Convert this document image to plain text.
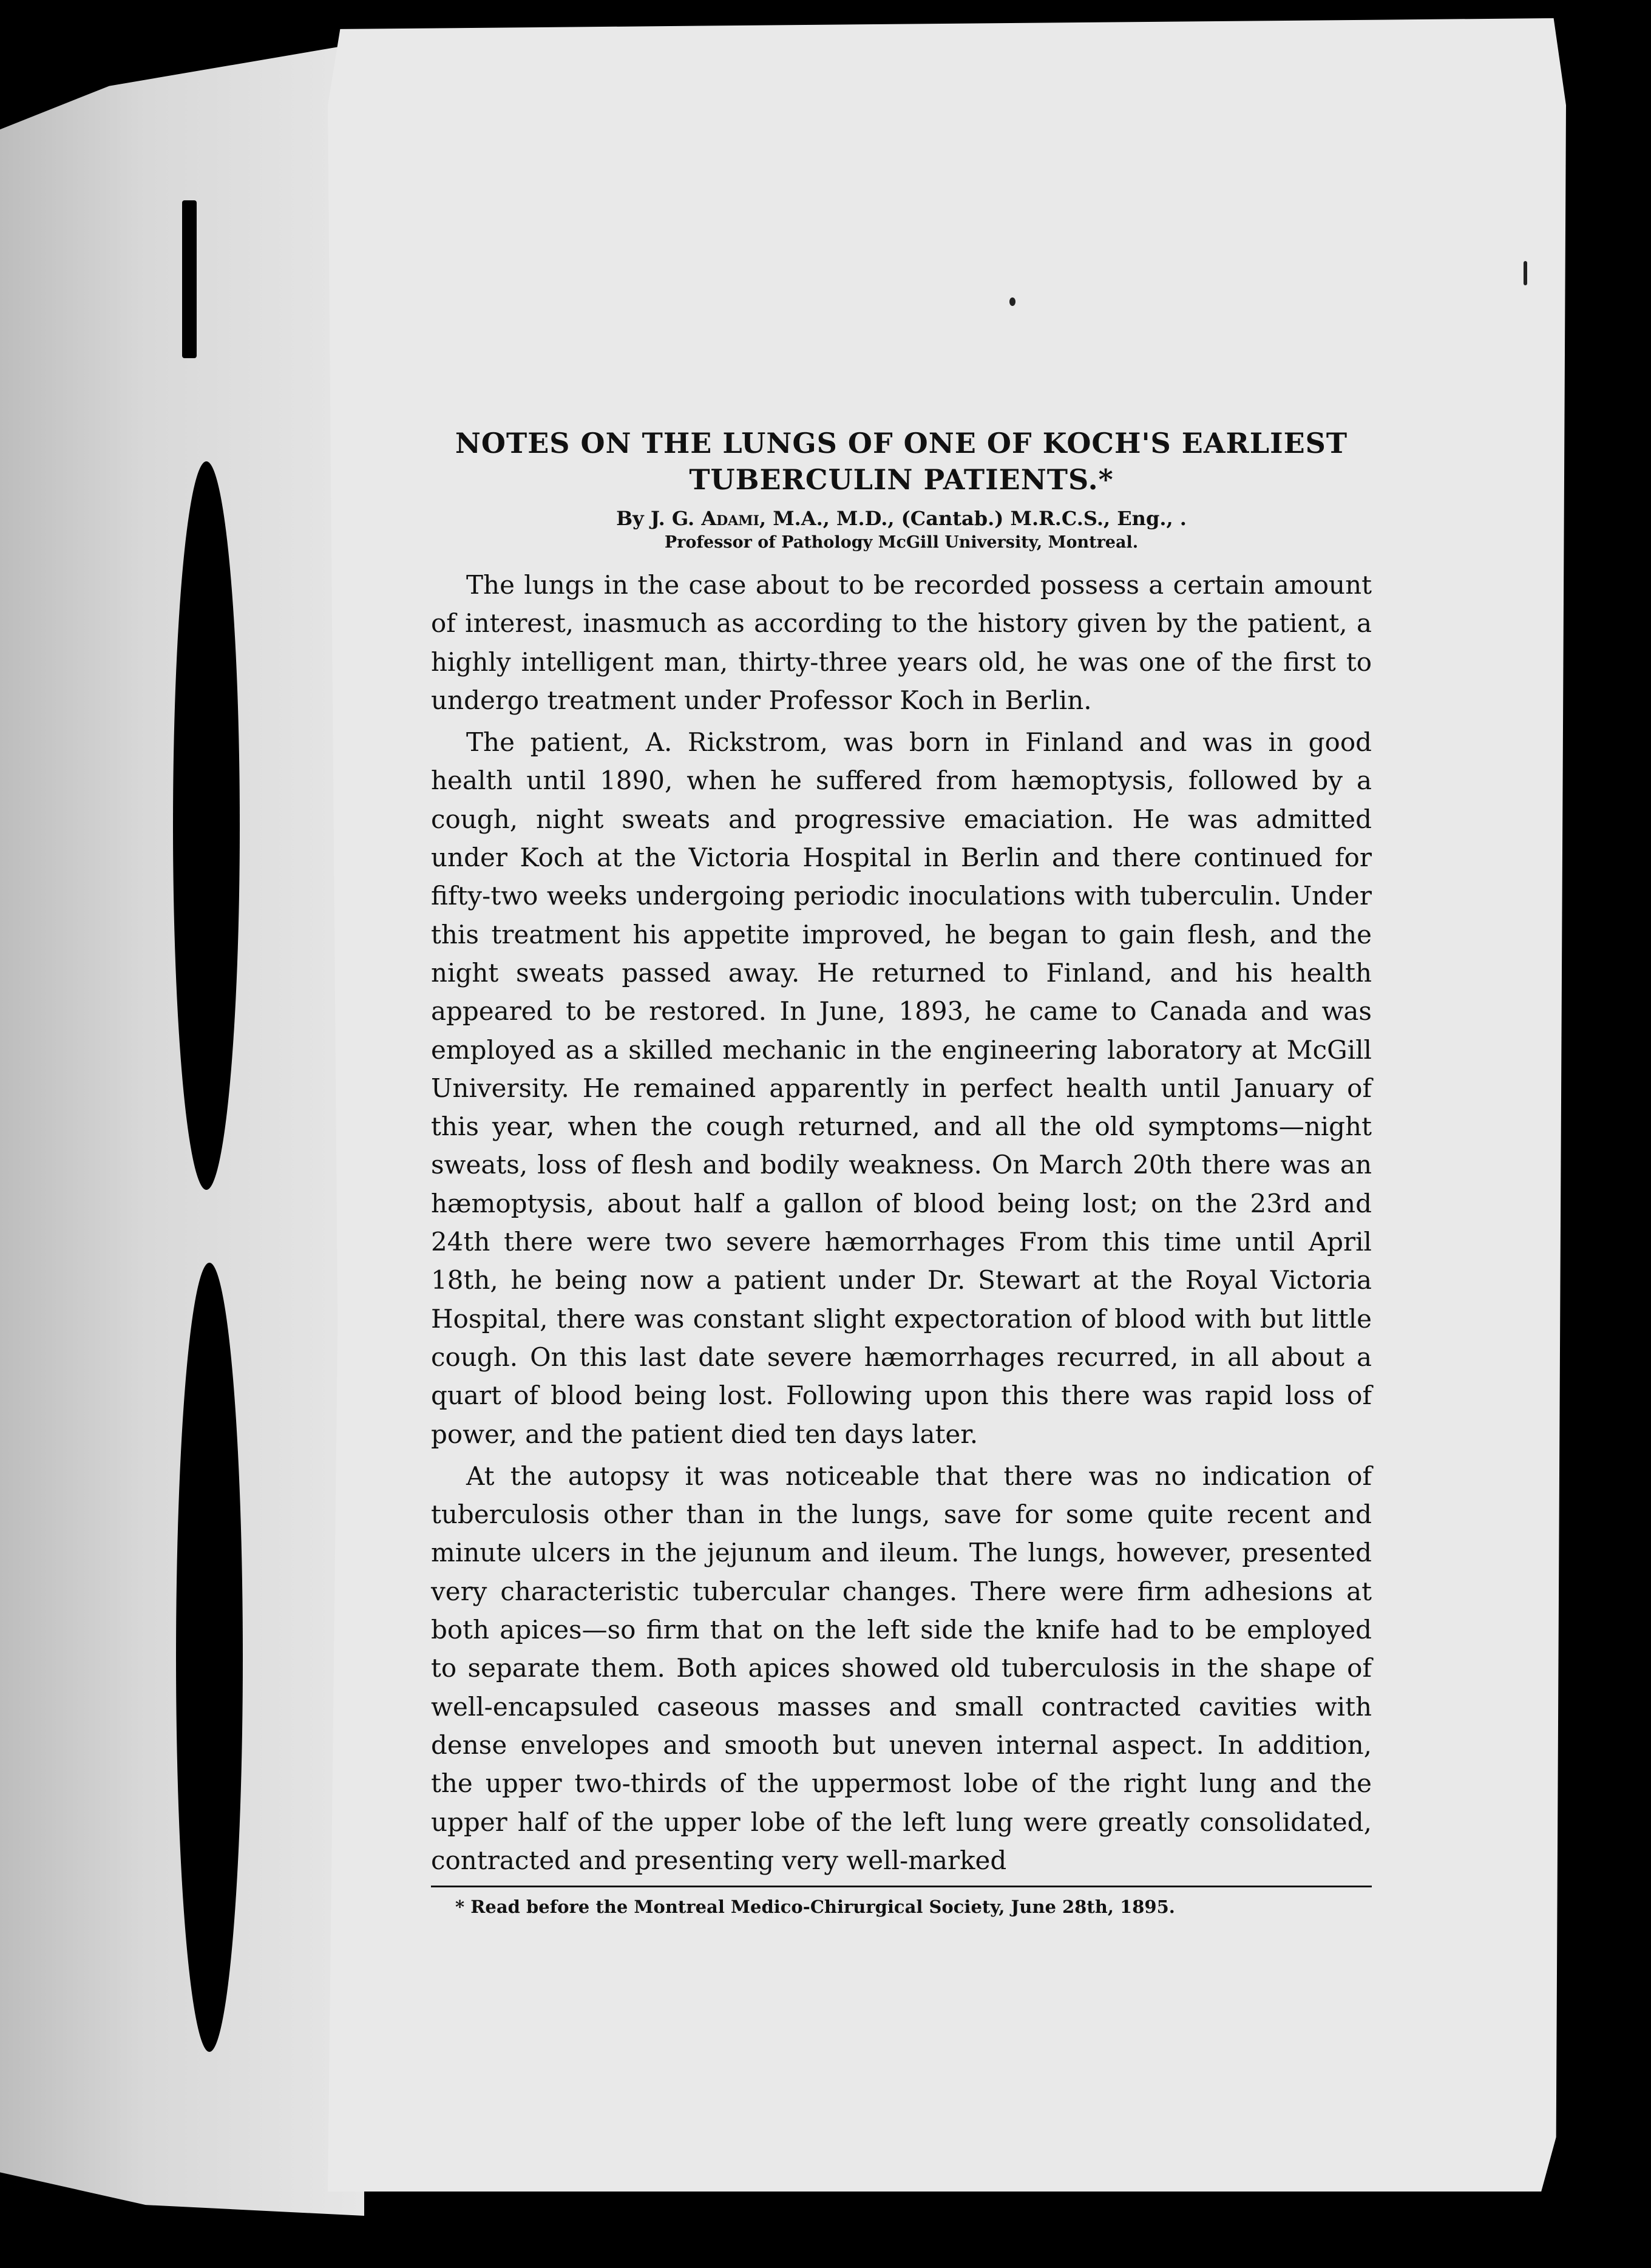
NOTES ON THE LUNGS OF ONE OF KOCH'S EARLIEST
TUBERCULIN PATIENTS.*
By J. G. Adami, M.A., M.D., (Cantab.) M.R.C.S., Eng., .
Professor of Pathology McGill University, Montreal.

The lungs in the case about to be recorded possess a certain amount of interest, inasmuch as according to the history given by the patient, a highly intelligent man, thirty-three years old, he was one of the first to undergo treatment under Professor Koch in Berlin.

The patient, A. Rickstrom, was born in Finland and was in good health until 1890, when he suffered from hæmoptysis, followed by a cough, night sweats and progressive emaciation. He was admitted under Koch at the Victoria Hospital in Berlin and there continued for fifty-two weeks undergoing periodic inoculations with tuberculin. Under this treatment his appetite improved, he began to gain flesh, and the night sweats passed away. He returned to Finland, and his health appeared to be restored. In June, 1893, he came to Canada and was employed as a skilled mechanic in the engineering laboratory at McGill University. He remained apparently in perfect health until January of this year, when the cough returned, and all the old symptoms—night sweats, loss of flesh and bodily weakness. On March 20th there was an hæmoptysis, about half a gallon of blood being lost; on the 23rd and 24th there were two severe hæmorrhages From this time until April 18th, he being now a patient under Dr. Stewart at the Royal Victoria Hospital, there was constant slight expectoration of blood with but little cough. On this last date severe hæmorrhages recurred, in all about a quart of blood being lost. Following upon this there was rapid loss of power, and the patient died ten days later.

At the autopsy it was noticeable that there was no indication of tuberculosis other than in the lungs, save for some quite recent and minute ulcers in the jejunum and ileum. The lungs, however, presented very characteristic tubercular changes. There were firm adhesions at both apices—so firm that on the left side the knife had to be employed to separate them. Both apices showed old tuberculosis in the shape of well-encapsuled caseous masses and small contracted cavities with dense envelopes and smooth but uneven internal aspect. In addition, the upper two-thirds of the uppermost lobe of the right lung and the upper half of the upper lobe of the left lung were greatly consolidated, contracted and presenting very well-marked

* Read before the Montreal Medico-Chirurgical Society, June 28th, 1895.
